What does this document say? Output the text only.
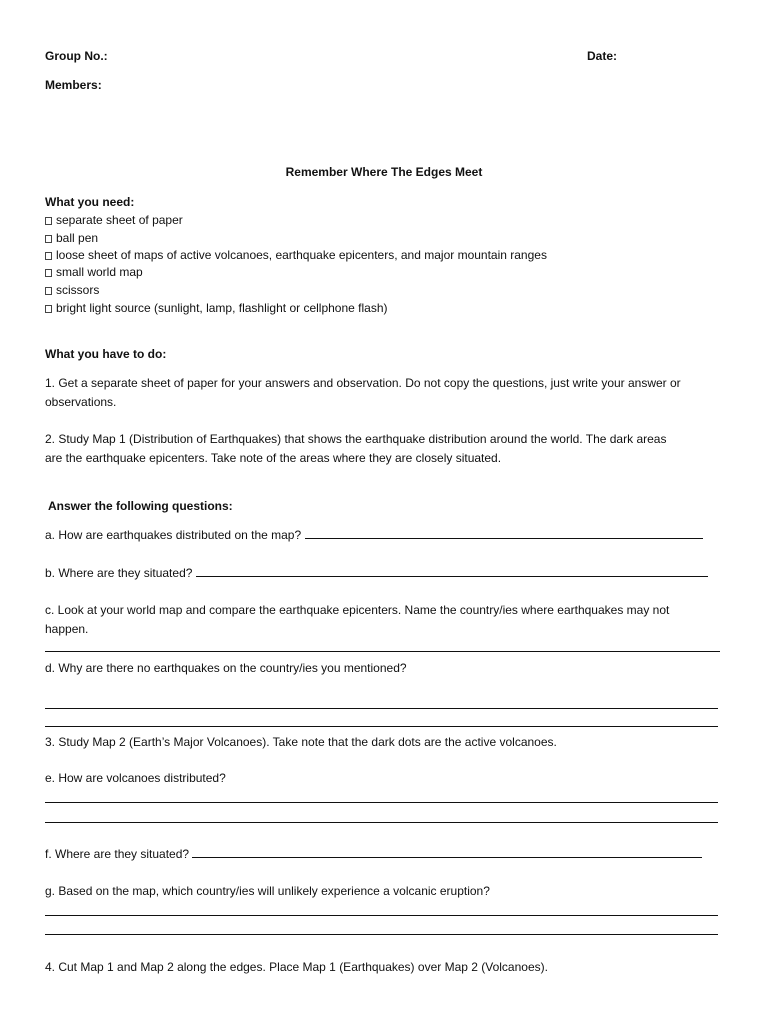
Group No.:	Date:
Members:
Remember Where The Edges Meet
What you need:
separate sheet of paper
ball pen
loose sheet of maps of active volcanoes, earthquake epicenters, and major mountain ranges
small world map
scissors
bright light source (sunlight, lamp, flashlight or cellphone flash)
What you have to do:
1. Get a separate sheet of paper for your answers and observation. Do not copy the questions, just write your answer or
observations.
2. Study Map 1 (Distribution of Earthquakes) that shows the earthquake distribution around the world. The dark areas
are the earthquake epicenters. Take note of the areas where they are closely situated.
Answer the following questions:
a. How are earthquakes distributed on the map?
b. Where are they situated?
c. Look at your world map and compare the earthquake epicenters. Name the country/ies where earthquakes may not
happen.
d. Why are there no earthquakes on the country/ies you mentioned?
3. Study Map 2 (Earth’s Major Volcanoes). Take note that the dark dots are the active volcanoes.
e. How are volcanoes distributed?
f. Where are they situated?
g. Based on the map, which country/ies will unlikely experience a volcanic eruption?
4. Cut Map 1 and Map 2 along the edges. Place Map 1 (Earthquakes) over Map 2 (Volcanoes).
